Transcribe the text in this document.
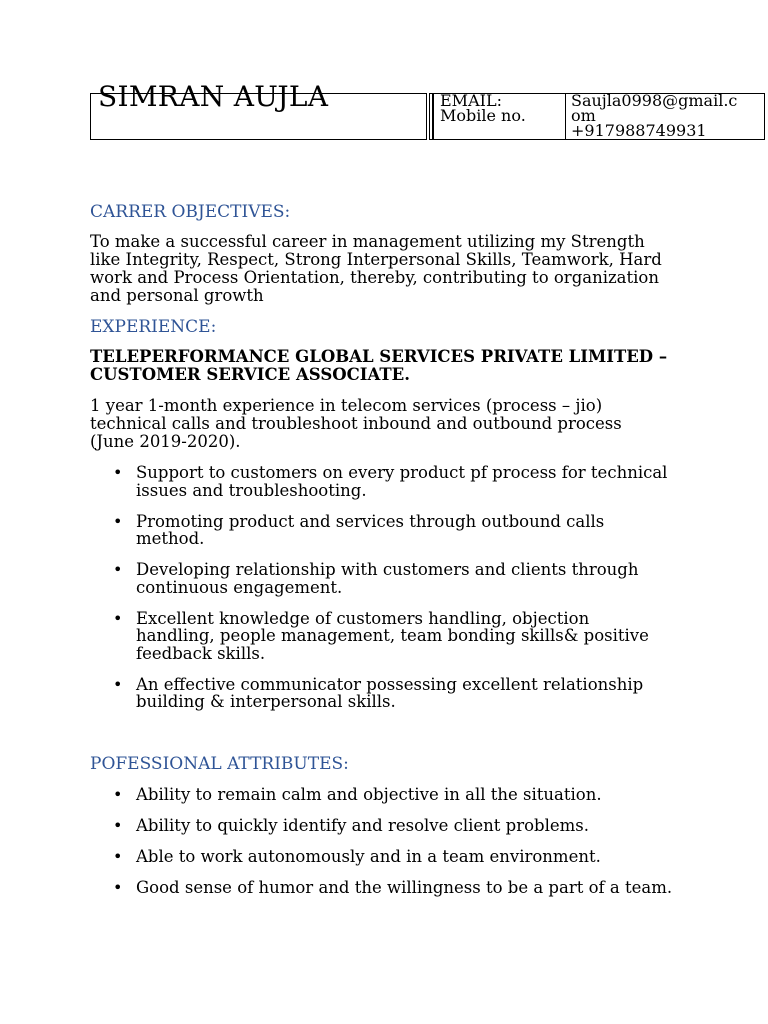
SIMRAN AUJLA	EMAIL:
Mobile no.
Saujla0998@gmail.c
om
+917988749931
CARRER OBJECTIVES:
To make a successful career in management utilizing my Strength
like Integrity, Respect, Strong Interpersonal Skills, Teamwork, Hard
work and Process Orientation, thereby, contributing to organization
and personal growth
EXPERIENCE:
TELEPERFORMANCE GLOBAL SERVICES PRIVATE LIMITED –
CUSTOMER SERVICE ASSOCIATE.
1 year 1-month experience in telecom services (process – jio)
technical calls and troubleshoot inbound and outbound process
(June 2019-2020).
• Support to customers on every product pf process for technical
issues and troubleshooting.
• Promoting product and services through outbound calls
method.
• Developing relationship with customers and clients through
continuous engagement.
• Excellent knowledge of customers handling, objection
handling, people management, team bonding skills& positive
feedback skills.
• An effective communicator possessing excellent relationship
building & interpersonal skills.
POFESSIONAL ATTRIBUTES:
• Ability to remain calm and objective in all the situation.
• Ability to quickly identify and resolve client problems.
• Able to work autonomously and in a team environment.
• Good sense of humor and the willingness to be a part of a team.
